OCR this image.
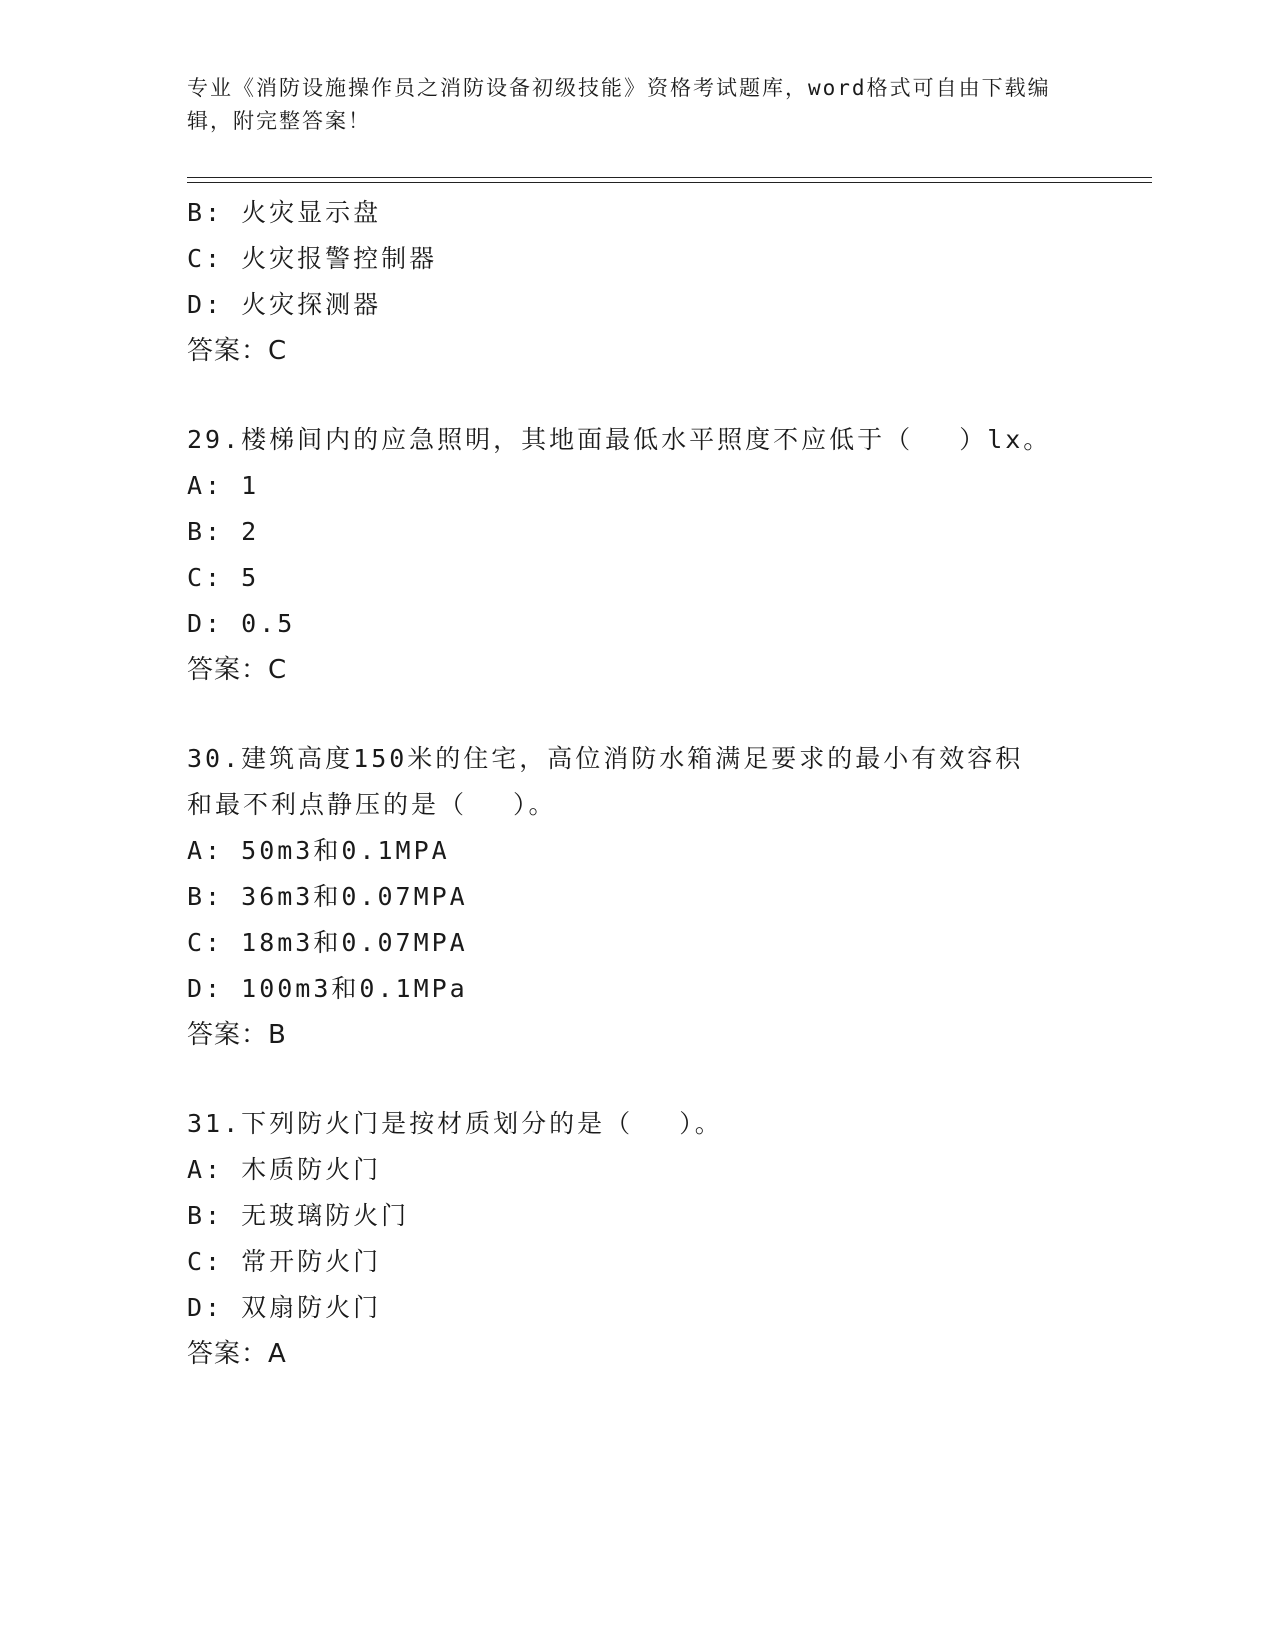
专业《消防设施操作员之消防设备初级技能》资格考试题库，word格式可自由下载编辑，附完整答案！
B: 火灾显示盘
C: 火灾报警控制器
D: 火灾探测器
答案：C
29.楼梯间内的应急照明，其地面最低水平照度不应低于（　 ）lx。
A: 1
B: 2
C: 5
D: 0.5
答案：C
30.建筑高度150米的住宅，高位消防水箱满足要求的最小有效容积和最不利点静压的是（　 ）。
A: 50m3和0.1MPA
B: 36m3和0.07MPA
C: 18m3和0.07MPA
D: 100m3和0.1MPa
答案：B
31.下列防火门是按材质划分的是（　 ）。
A: 木质防火门
B: 无玻璃防火门
C: 常开防火门
D: 双扇防火门
答案：A
